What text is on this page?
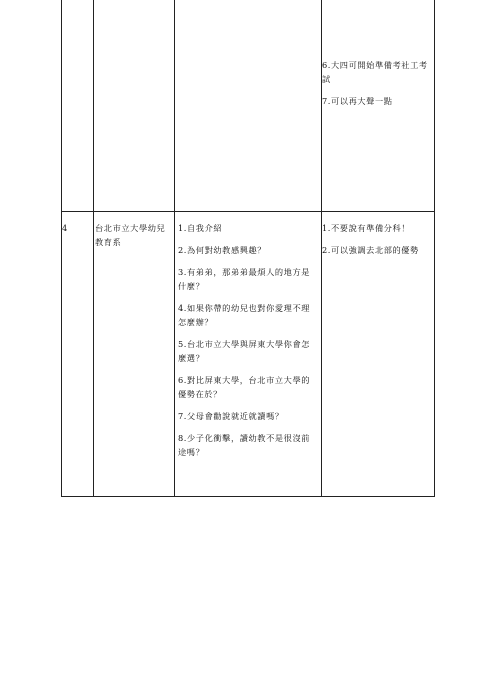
6.大四可開始準備考社工考試
7.可以再大聲一點
4	台北市立大學幼兒教育系
1.自我介紹
2.為何對幼教感興趣？
3.有弟弟，那弟弟最煩人的地方是什麼？
4.如果你帶的幼兒也對你愛理不理怎麼辦？
5.台北市立大學與屏東大學你會怎麼選？
6.對比屏東大學，台北市立大學的優勢在於？
7.父母會勸說就近就讀嗎？
8.少子化衝擊，讀幼教不是很沒前途嗎？
1.不要說有準備分科！
2.可以強調去北部的優勢
